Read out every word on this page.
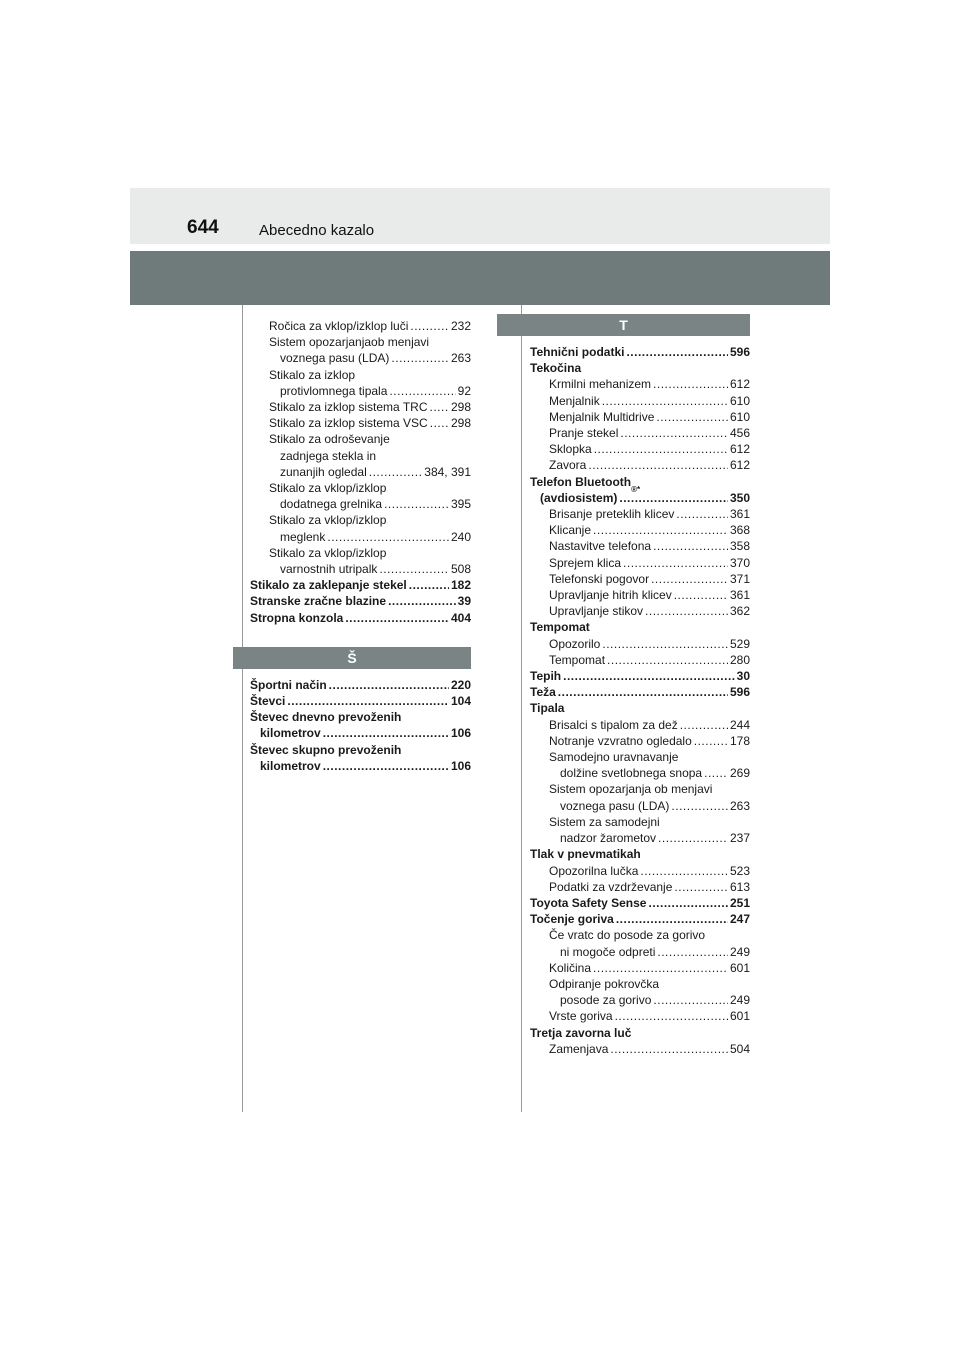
644	Abecedno kazalo
Ročica za vklop/izklop luči .....	232
Sistem opozarjanjaob menjavi
voznega pasu (LDA) .....	263
Stikalo za izklop
protivlomnega tipala .....	92
Stikalo za izklop sistema TRC ..... 298
Stikalo za izklop sistema VSC ..... 298
Stikalo za odroševanje
zadnjega stekla in
zunanjih ogledal .....	384, 391
Stikalo za vklop/izklop
dodatnega grelnika .....	395
Stikalo za vklop/izklop
meglenk .....	240
Stikalo za vklop/izklop
varnostnih utripalk .....	508
Stikalo za zaklepanje stekel .....	182
Stranske zračne blazine .....	39
Stropna konzola .....	404
Š
Športni način .....	220
Števci .....	104
Števec dnevno prevoženih
kilometrov .....	106
Števec skupno prevoženih
kilometrov .....	106
T
Tehnični podatki .....	596
Tekočina
Krmilni mehanizem .....	612
Menjalnik .....	610
Menjalnik Multidrive .....	610
Pranje stekel .....	456
Sklopka .....	612
Zavora .....	612
Telefon Bluetooth
®*
(avdiosistem) .....	350
Brisanje preteklih klicev .....	361
Klicanje .....	368
Nastavitve telefona .....	358
Sprejem klica .....	370
Telefonski pogovor .....	371
Upravljanje hitrih klicev .....	361
Upravljanje stikov .....	362
Tempomat
Opozorilo .....	529
Tempomat .....	280
Tepih .....	30
Teža .....	596
Tipala
Brisalci s tipalom za dež .....	244
Notranje vzvratno ogledalo .....	178
Samodejno uravnavanje
dolžine svetlobnega snopa ..... 269
Sistem opozarjanja ob menjavi
voznega pasu (LDA) .....	263
Sistem za samodejni
nadzor žarometov .....	237
Tlak v pnevmatikah
Opozorilna lučka .....	523
Podatki za vzdrževanje .....	613
Toyota Safety Sense .....	251
Točenje goriva .....	247
Če vratc do posode za gorivo
ni mogoče odpreti .....	249
Količina .....	601
Odpiranje pokrovčka
posode za gorivo .....	249
Vrste goriva .....	601
Tretja zavorna luč
Zamenjava .....	504
